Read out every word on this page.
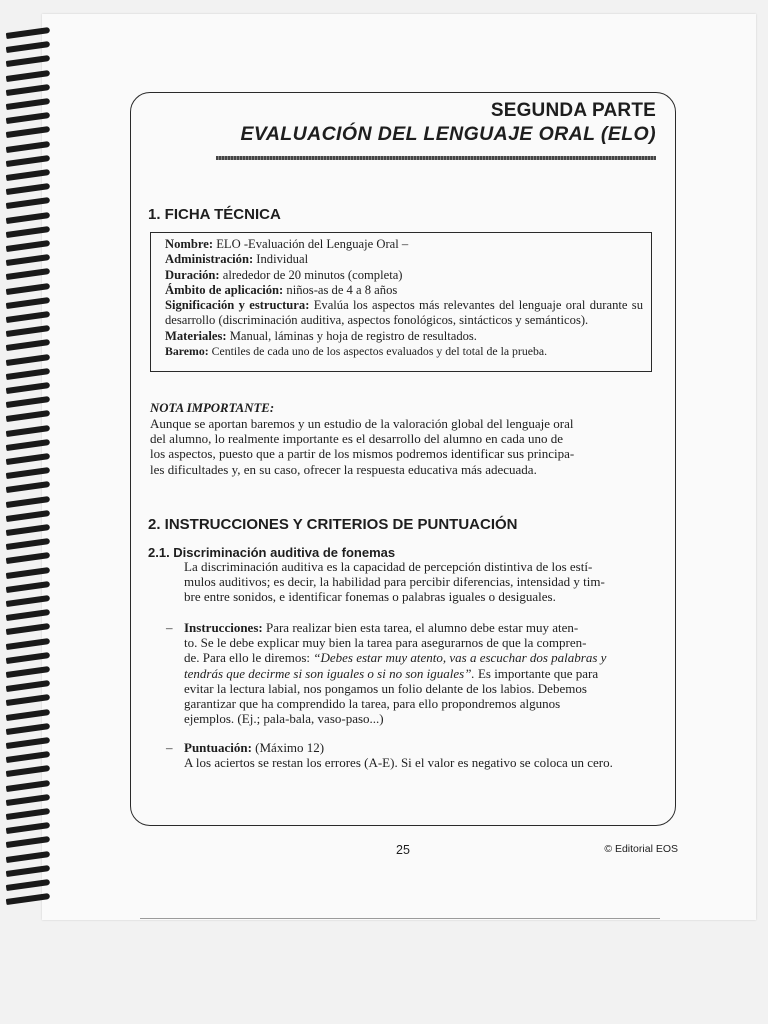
SEGUNDA PARTE
EVALUACIÓN DEL LENGUAJE ORAL (ELO)
1. FICHA TÉCNICA
Nombre: ELO -Evaluación del Lenguaje Oral –
Administración: Individual
Duración: alrededor de 20 minutos (completa)
Ámbito de aplicación: niños-as de 4 a 8 años
Significación y estructura: Evalúa los aspectos más relevantes del lenguaje oral durante su desarrollo (discriminación auditiva, aspectos fonológicos, sintácticos y semánticos).
Materiales: Manual, láminas y hoja de registro de resultados.
Baremo: Centiles de cada uno de los aspectos evaluados y del total de la prueba.
NOTA IMPORTANTE:
Aunque se aportan baremos y un estudio de la valoración global del lenguaje oral
del alumno, lo realmente importante es el desarrollo del alumno en cada uno de
los aspectos, puesto que a partir de los mismos podremos identificar sus principa-
les dificultades y, en su caso, ofrecer la respuesta educativa más adecuada.
2. INSTRUCCIONES Y CRITERIOS DE PUNTUACIÓN
2.1. Discriminación auditiva de fonemas
La discriminación auditiva es la capacidad de percepción distintiva de los estí-
mulos auditivos; es decir, la habilidad para percibir diferencias, intensidad y tim-
bre entre sonidos, e identificar fonemas o palabras iguales o desiguales.
– Instrucciones: Para realizar bien esta tarea, el alumno debe estar muy aten-
to. Se le debe explicar muy bien la tarea para asegurarnos de que la compren-
de. Para ello le diremos: “Debes estar muy atento, vas a escuchar dos palabras y
tendrás que decirme si son iguales o si no son iguales”. Es importante que para
evitar la lectura labial, nos pongamos un folio delante de los labios. Debemos
garantizar que ha comprendido la tarea, para ello propondremos algunos
ejemplos. (Ej.; pala-bala, vaso-paso...)
– Puntuación: (Máximo 12)
A los aciertos se restan los errores (A-E). Si el valor es negativo se coloca un cero.
25	© Editorial EOS
